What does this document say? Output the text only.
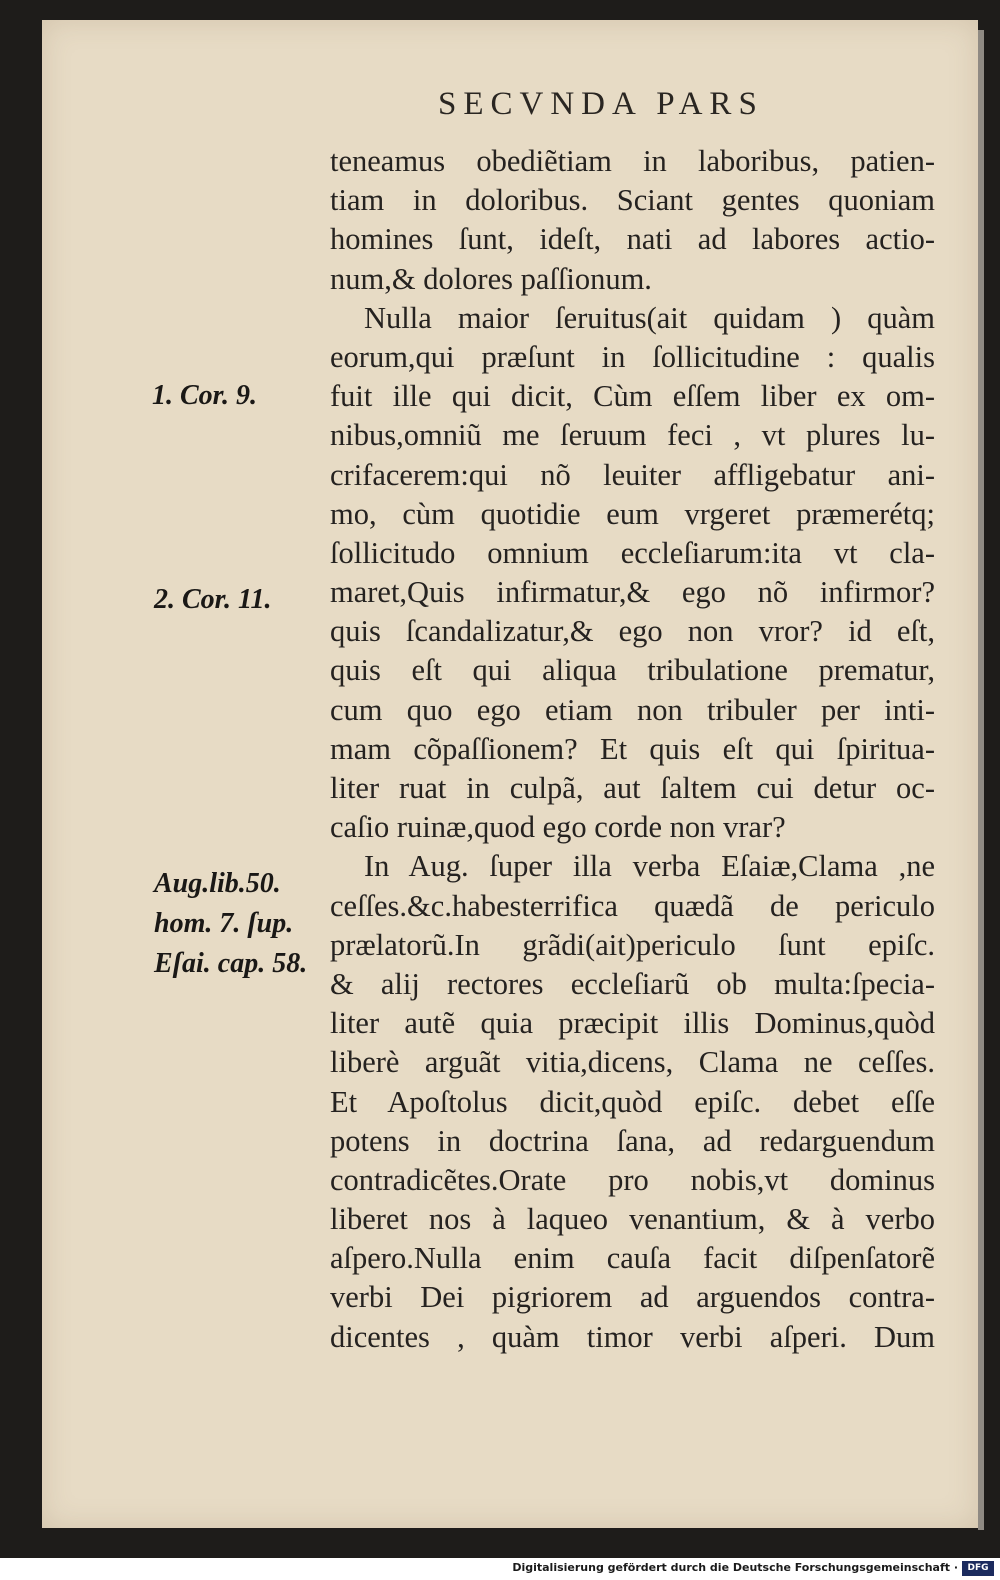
SECVNDA PARS
teneamus obediẽtiam in laboribus, patien-
tiam in doloribus. Sciant gentes quoniam
homines ſunt, ideſt, nati ad labores actio-
num,& dolores paſſionum.
Nulla maior ſeruitus(ait quidam ) quàm
eorum,qui præſunt in ſollicitudine : qualis
fuit ille qui dicit, Cùm eſſem liber ex om-
nibus,omniũ me ſeruum feci , vt plures lu-
crifacerem:qui nõ leuiter affligebatur ani-
mo, cùm quotidie eum vrgeret præmerétq;
ſollicitudo omnium eccleſiarum:ita vt cla-
maret,Quis infirmatur,& ego nõ infirmor?
quis ſcandalizatur,& ego non vror? id eſt,
quis eſt qui aliqua tribulatione prematur,
cum quo ego etiam non tribuler per inti-
mam cõpaſſionem? Et quis eſt qui ſpiritua-
liter ruat in culpã, aut ſaltem cui detur oc-
caſio ruinæ,quod ego corde non vrar?
In Aug. ſuper illa verba Eſaiæ,Clama ,ne
ceſſes.&c.habesterrifica quædã de periculo
prælatorũ.In grãdi(ait)periculo ſunt epiſc.
& alij rectores eccleſiarũ ob multa:ſpecia-
liter autẽ quia præcipit illis Dominus,quòd
liberè arguãt vitia,dicens, Clama ne ceſſes.
Et Apoſtolus dicit,quòd epiſc. debet eſſe
potens in doctrina ſana, ad redarguendum
contradicẽtes.Orate pro nobis,vt dominus
liberet nos à laqueo venantium, & à verbo
aſpero.Nulla enim cauſa facit diſpenſatorẽ
verbi Dei pigriorem ad arguendos contra-
dicentes , quàm timor verbi aſperi. Dum
1. Cor. 9.
2. Cor. 11.
Aug.lib.50.
hom. 7. ſup.
Eſai. cap. 58.
Digitalisierung gefördert durch die Deutsche Forschungsgemeinschaft ·	DFG
